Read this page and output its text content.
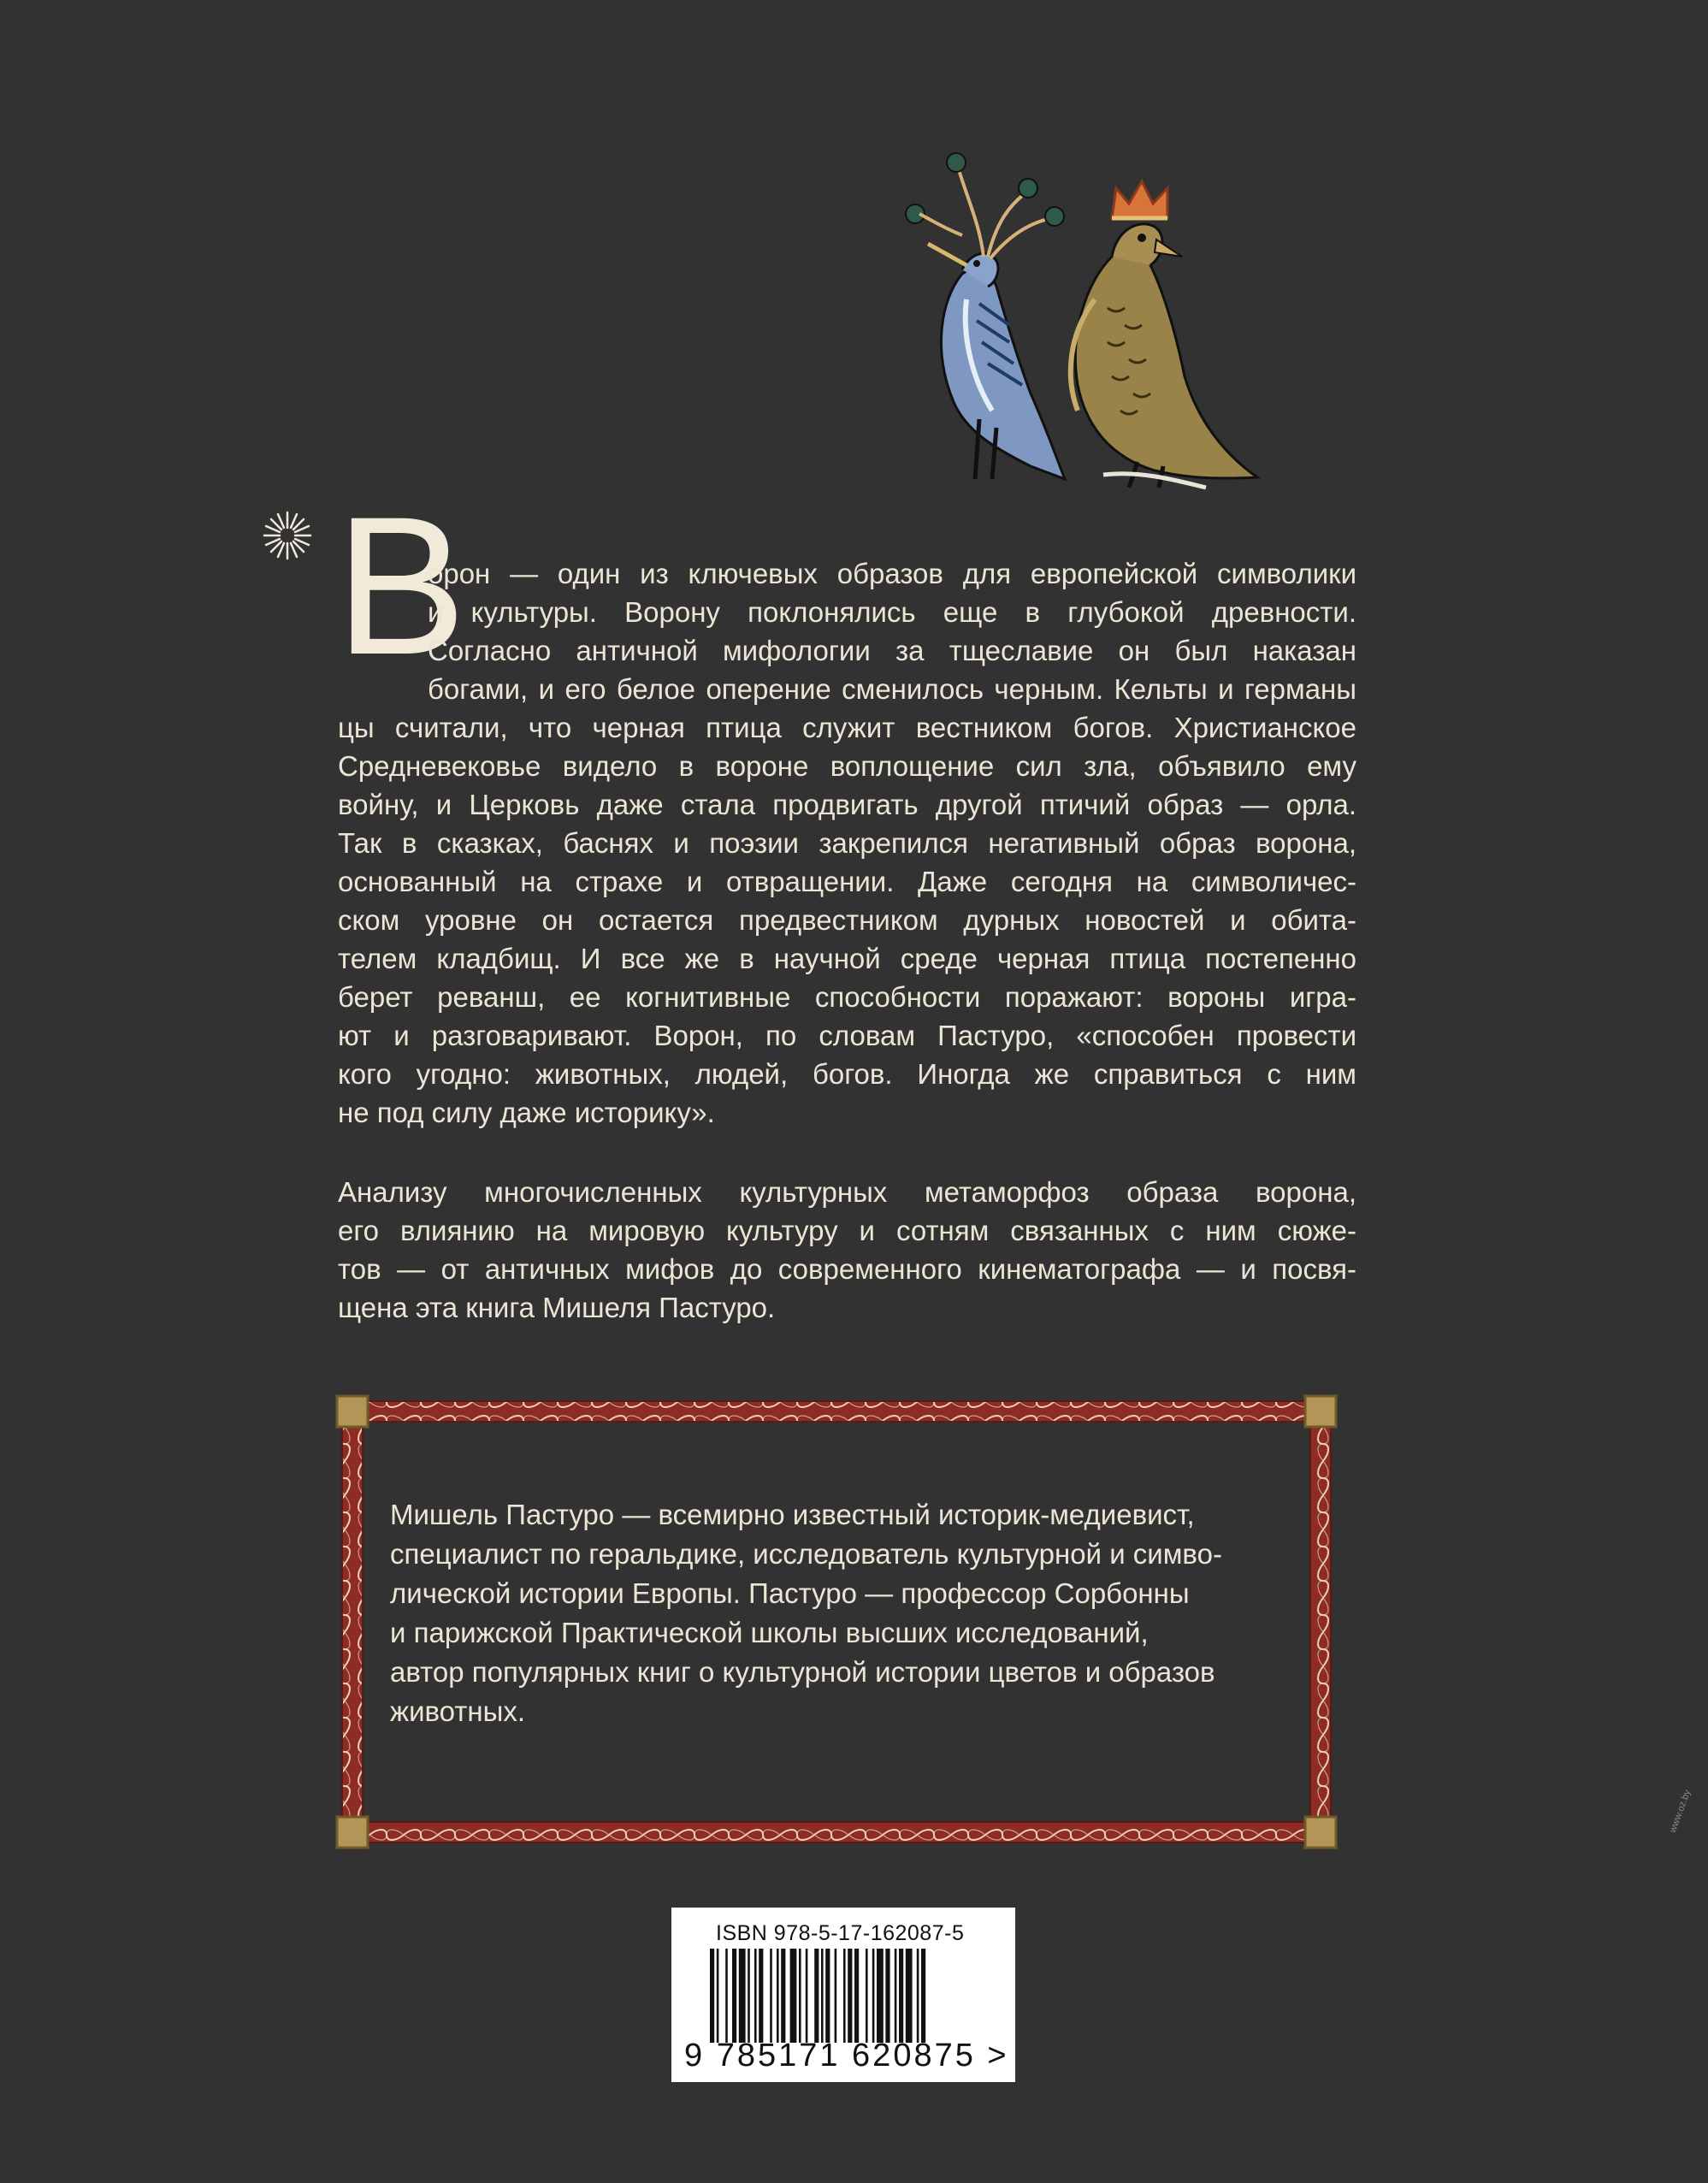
В
орон — один из ключевых образов для европейской символики
и культуры. Ворону поклонялись еще в глубокой древности.
Согласно античной мифологии за тщеславие он был наказан
богами, и его белое оперение сменилось черным. Кельты и германы
цы считали, что черная птица служит вестником богов. Христианское
Средневековье видело в вороне воплощение сил зла, объявило ему
войну, и Церковь даже стала продвигать другой птичий образ — орла.
Так в сказках, баснях и поэзии закрепился негативный образ ворона,
основанный на страхе и отвращении. Даже сегодня на символичес-
ском уровне он остается предвестником дурных новостей и обита-
телем кладбищ. И все же в научной среде черная птица постепенно
берет реванш, ее когнитивные способности поражают: вороны игра-
ют и разговаривают. Ворон, по словам Пастуро, «способен провести
кого угодно: животных, людей, богов. Иногда же справиться с ним
не под силу даже историку».
Анализу многочисленных культурных метаморфоз образа ворона,
его влиянию на мировую культуру и сотням связанных с ним сюже-
тов — от античных мифов до современного кинематографа — и посвя-
щена эта книга Мишеля Пастуро.
Мишель Пастуро — всемирно известный историк-медиевист,
специалист по геральдике, исследователь культурной и симво-
лической истории Европы. Пастуро — профессор Сорбонны
и парижской Практической школы высших исследований,
автор популярных книг о культурной истории цветов и образов
животных.
ISBN 978-5-17-162087-5
9 785171 620875 >
www.oz.by
